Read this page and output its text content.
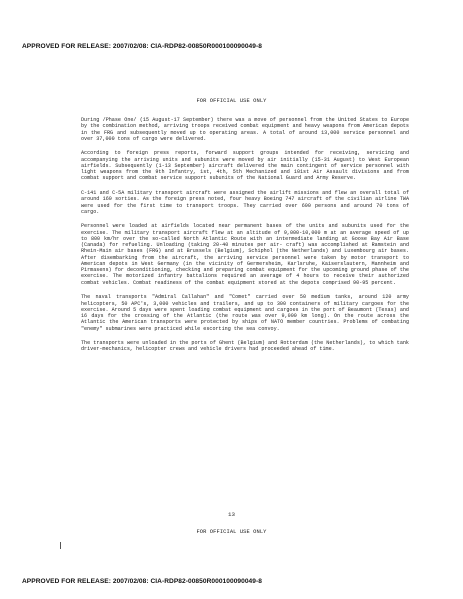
APPROVED FOR RELEASE: 2007/02/08: CIA-RDP82-00850R000100090049-8
FOR OFFICIAL USE ONLY

During /Phase One/ (15 August-17 September) there was a move of personnel from the United States to Europe by the combination method, arriving troops received combat equipment and heavy weapons from American depots in the FRG and subsequently moved up to operating areas. A total of around 13,000 service personnel and over 37,000 tons of cargo were delivered.

According to foreign press reports, forward support groups intended for receiving, servicing and accompanying the arriving units and subunits were moved by air initially (15-31 August) to West European airfields. Subsequently (1-13 September) aircraft delivered the main contingent of service personnel with light weapons from the 9th Infantry, 1st, 4th, 5th Mechanized and 101st Air Assault divisions and from combat support and combat service support subunits of the National Guard and Army Reserve.

C-141 and C-5A military transport aircraft were assigned the airlift missions and flew an overall total of around 160 sorties. As the foreign press noted, four heavy Boeing 747 aircraft of the civilian airline TWA were used for the first time to transport troops. They carried over 600 persons and around 70 tons of cargo.

Personnel were loaded at airfields located near permanent bases of the units and subunits used for the exercise. The military transport aircraft flew at an altitude of 9,000-10,000 m at an average speed of up to 800 km/hr over the so-called North Atlantic Route with an intermediate landing at Goose Bay Air Base (Canada) for refueling. Unloading (taking 20-40 minutes per air- craft) was accomplished at Ramstein and Rhein-Main air bases (FRG) and at Brussels (Belgium), Schiphol (the Netherlands) and Luxembourg air bases. After disembarking from the aircraft, the arriving service personnel were taken by motor transport to American depots in West Germany (in the vicinity of Germersheim, Karlsruhe, Kaiserslautern, Mannheim and Pirmasens) for deconditioning, checking and preparing combat equipment for the upcoming ground phase of the exercise. The motorized infantry battalions required an average of 4 hours to receive their authorized combat vehicles. Combat readiness of the combat equipment stored at the depots comprised 90-95 percent.

The naval transports "Admiral Callahan" and "Comet" carried over 50 medium tanks, around 120 army helicopters, 50 APC's, 3,000 vehicles and trailers, and up to 300 containers of military cargoes for the exercise. Around 5 days were spent loading combat equipment and cargoes in the port of Beaumont (Texas) and 16 days for the crossing of the Atlantic (the route was over 9,000 km long). On the route across the Atlantic the American transports were protected by ships of NATO member countries. Problems of combating "enemy" submarines were practiced while escorting the sea convoy.

The transports were unloaded in the ports of Ghent (Belgium) and Rotterdam (the Netherlands), to which tank driver-mechanics, helicopter crews and vehicle drivers had proceeded ahead of time.

13
FOR OFFICIAL USE ONLY
APPROVED FOR RELEASE: 2007/02/08: CIA-RDP82-00850R000100090049-8
